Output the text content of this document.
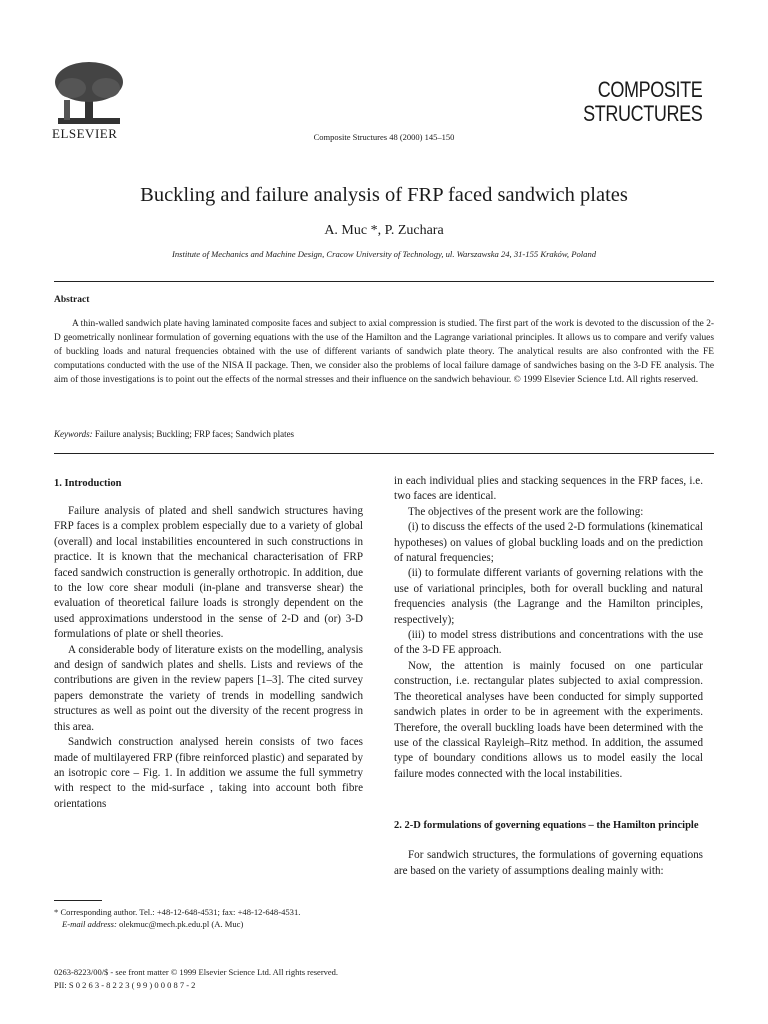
ELSEVIER	Composite Structures 48 (2000) 145–150
COMPOSITE
STRUCTURES
Buckling and failure analysis of FRP faced sandwich plates
A. Muc *, P. Zuchara
Institute of Mechanics and Machine Design, Cracow University of Technology, ul. Warszawska 24, 31-155 Kraków, Poland
Abstract

A thin-walled sandwich plate having laminated composite faces and subject to axial compression is studied. The first part of the work is devoted to the discussion of the 2-D geometrically nonlinear formulation of governing equations with the use of the Hamilton and the Lagrange variational principles. It allows us to compare and verify values of buckling loads and natural frequencies obtained with the use of different variants of sandwich plate theory. The analytical results are also confronted with the FE computations conducted with the use of the NISA II package. Then, we consider also the problems of local failure damage of sandwiches basing on the 3-D FE analysis. The aim of those investigations is to point out the effects of the normal stresses and their influence on the sandwich behaviour. © 1999 Elsevier Science Ltd. All rights reserved.

Keywords: Failure analysis; Buckling; FRP faces; Sandwich plates
1. Introduction

Failure analysis of plated and shell sandwich structures having FRP faces is a complex problem especially due to a variety of global (overall) and local instabilities encountered in such constructions in practice. It is known that the mechanical characterisation of FRP faced sandwich construction is generally orthotropic. In addition, due to the low core shear moduli (in-plane and transverse shear) the evaluation of theoretical failure loads is strongly dependent on the used approximations understood in the sense of 2-D and (or) 3-D formulations of plate or shell theories.

A considerable body of literature exists on the modelling, analysis and design of sandwich plates and shells. Lists and reviews of the contributions are given in the review papers [1–3]. The cited survey papers demonstrate the variety of trends in modelling sandwich structures as well as point out the diversity of the recent progress in this area.

Sandwich construction analysed herein consists of two faces made of multilayered FRP (fibre reinforced plastic) and separated by an isotropic core – Fig. 1. In addition we assume the full symmetry with respect to the mid-surface , taking into account both fibre orientations

in each individual plies and stacking sequences in the FRP faces, i.e. two faces are identical.

The objectives of the present work are the following:

(i) to discuss the effects of the used 2-D formulations (kinematical hypotheses) on values of global buckling loads and on the prediction of natural frequencies;

(ii) to formulate different variants of governing relations with the use of variational principles, both for overall buckling and natural frequencies analysis (the Lagrange and the Hamilton principles, respectively);

(iii) to model stress distributions and concentrations with the use of the 3-D FE approach.

Now, the attention is mainly focused on one particular construction, i.e. rectangular plates subjected to axial compression. The theoretical analyses have been conducted for simply supported sandwich plates in order to be in agreement with the experiments. Therefore, the overall buckling loads have been determined with the use of the classical Rayleigh–Ritz method. In addition, the assumed type of boundary conditions allows us to model easily the local failure modes connected with the local instabilities.

2. 2-D formulations of governing equations – the Hamilton principle

For sandwich structures, the formulations of governing equations are based on the variety of assumptions dealing mainly with:

* Corresponding author. Tel.: +48-12-648-4531; fax: +48-12-648-4531.
E-mail address: olekmuc@mech.pk.edu.pl (A. Muc)
0263-8223/00/$ - see front matter © 1999 Elsevier Science Ltd. All rights reserved.
PII: S 0 2 6 3 - 8 2 2 3 ( 9 9 ) 0 0 0 8 7 - 2
